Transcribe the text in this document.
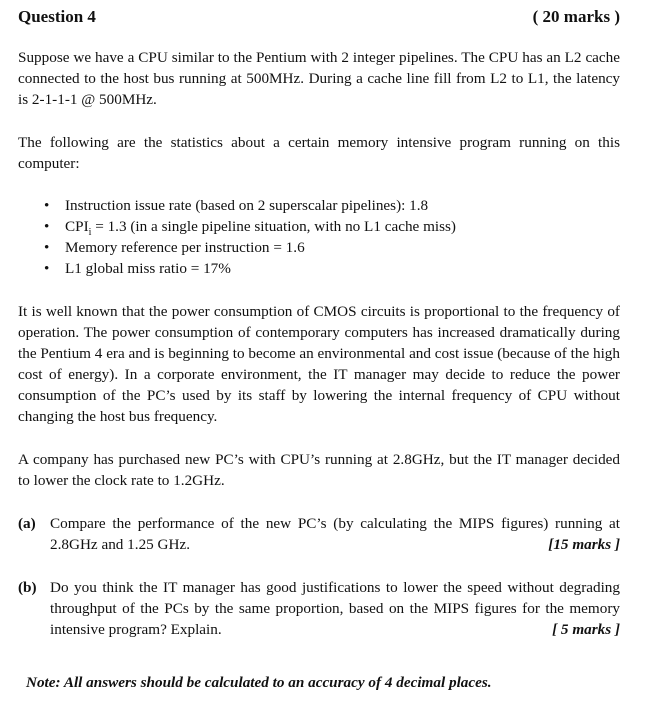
Question 4	( 20 marks )

Suppose we have a CPU similar to the Pentium with 2 integer pipelines. The CPU has an L2 cache connected to the host bus running at 500MHz. During a cache line fill from L2 to L1, the latency is 2-1-1-1 @ 500MHz.

The following are the statistics about a certain memory intensive program running on this computer:

• Instruction issue rate (based on 2 superscalar pipelines): 1.8
• $CPI_i = 1.3$ (in a single pipeline situation, with no L1 cache miss)
• Memory reference per instruction = 1.6
• L1 global miss ratio = 17%

It is well known that the power consumption of CMOS circuits is proportional to the frequency of operation. The power consumption of contemporary computers has increased dramatically during the Pentium 4 era and is beginning to become an environmental and cost issue (because of the high cost of energy). In a corporate environment, the IT manager may decide to reduce the power consumption of the PC’s used by its staff by lowering the internal frequency of CPU without changing the host bus frequency.

A company has purchased new PC’s with CPU’s running at 2.8GHz, but the IT manager decided to lower the clock rate to 1.2GHz.

(a) Compare the performance of the new PC’s (by calculating the MIPS figures) running at 2.8GHz and 1.25 GHz.	[15 marks ]
(b) Do you think the IT manager has good justifications to lower the speed without degrading throughput of the PCs by the same proportion, based on the MIPS figures for the memory intensive program? Explain.	[ 5 marks ]
Note: All answers should be calculated to an accuracy of 4 decimal places.
